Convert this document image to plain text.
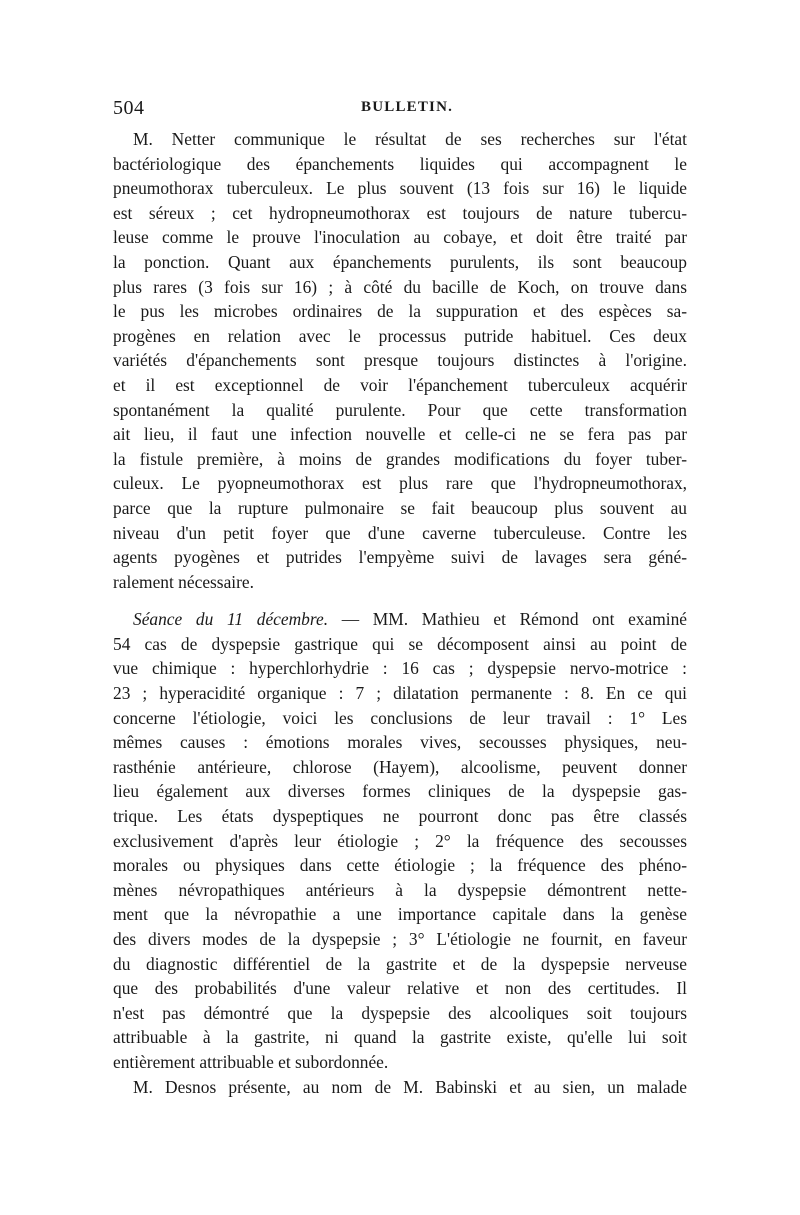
504	BULLETIN.
M. Netter communique le résultat de ses recherches sur l'état
bactériologique des épanchements liquides qui accompagnent le
pneumothorax tuberculeux. Le plus souvent (13 fois sur 16) le liquide
est séreux ; cet hydropneumothorax est toujours de nature tubercu-
leuse comme le prouve l'inoculation au cobaye, et doit être traité par
la ponction. Quant aux épanchements purulents, ils sont beaucoup
plus rares (3 fois sur 16) ; à côté du bacille de Koch, on trouve dans
le pus les microbes ordinaires de la suppuration et des espèces sa-
progènes en relation avec le processus putride habituel. Ces deux
variétés d'épanchements sont presque toujours distinctes à l'origine.
et il est exceptionnel de voir l'épanchement tuberculeux acquérir
spontanément la qualité purulente. Pour que cette transformation
ait lieu, il faut une infection nouvelle et celle-ci ne se fera pas par
la fistule première, à moins de grandes modifications du foyer tuber-
culeux. Le pyopneumothorax est plus rare que l'hydropneumothorax,
parce que la rupture pulmonaire se fait beaucoup plus souvent au
niveau d'un petit foyer que d'une caverne tuberculeuse. Contre les
agents pyogènes et putrides l'empyème suivi de lavages sera géné-
ralement nécessaire.
Séance du 11 décembre. — MM. Mathieu et Rémond ont examiné
54 cas de dyspepsie gastrique qui se décomposent ainsi au point de
vue chimique : hyperchlorhydrie : 16 cas ; dyspepsie nervo-motrice :
23 ; hyperacidité organique : 7 ; dilatation permanente : 8. En ce qui
concerne l'étiologie, voici les conclusions de leur travail : 1° Les
mêmes causes : émotions morales vives, secousses physiques, neu-
rasthénie antérieure, chlorose (Hayem), alcoolisme, peuvent donner
lieu également aux diverses formes cliniques de la dyspepsie gas-
trique. Les états dyspeptiques ne pourront donc pas être classés
exclusivement d'après leur étiologie ; 2° la fréquence des secousses
morales ou physiques dans cette étiologie ; la fréquence des phéno-
mènes névropathiques antérieurs à la dyspepsie démontrent nette-
ment que la névropathie a une importance capitale dans la genèse
des divers modes de la dyspepsie ; 3° L'étiologie ne fournit, en faveur
du diagnostic différentiel de la gastrite et de la dyspepsie nerveuse
que des probabilités d'une valeur relative et non des certitudes. Il
n'est pas démontré que la dyspepsie des alcooliques soit toujours
attribuable à la gastrite, ni quand la gastrite existe, qu'elle lui soit
entièrement attribuable et subordonnée.
M. Desnos présente, au nom de M. Babinski et au sien, un malade
